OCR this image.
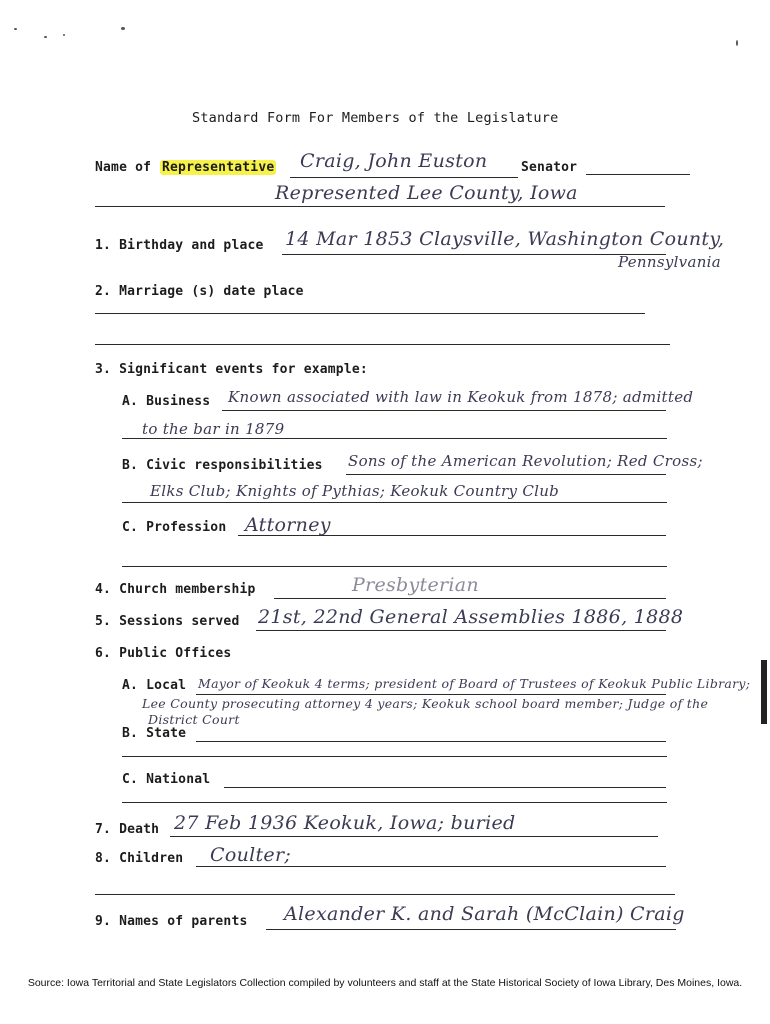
Standard Form For Members of the Legislature
Name of Representative Craig, John Euston	Senator
Represented Lee County, Iowa
1. Birthday and place 14 Mar 1853 Claysville, Washington County,
Pennsylvania
2. Marriage (s) date place
3. Significant events for example:
A. Business Known associated with law in Keokuk from 1878; admitted
to the bar in 1879
B. Civic responsibilities Sons of the American Revolution; Red Cross;
Elks Club; Knights of Pythias; Keokuk Country Club
C. Profession Attorney
4. Church membership	Presbyterian
5. Sessions served 21st, 22nd General Assemblies 1886, 1888
6. Public Offices
A. Local Mayor of Keokuk 4 terms; president of Board of Trustees of Keokuk Public Library;
Lee County prosecuting attorney 4 years; Keokuk school board member; Judge of the
District Court
B. State
C. National
7. Death 27 Feb 1936 Keokuk, Iowa; buried
8. Children Coulter;
9. Names of parents Alexander K. and Sarah (McClain) Craig
Source: Iowa Territorial and State Legislators Collection compiled by volunteers and staff at the State Historical Society of Iowa Library, Des Moines, Iowa.
